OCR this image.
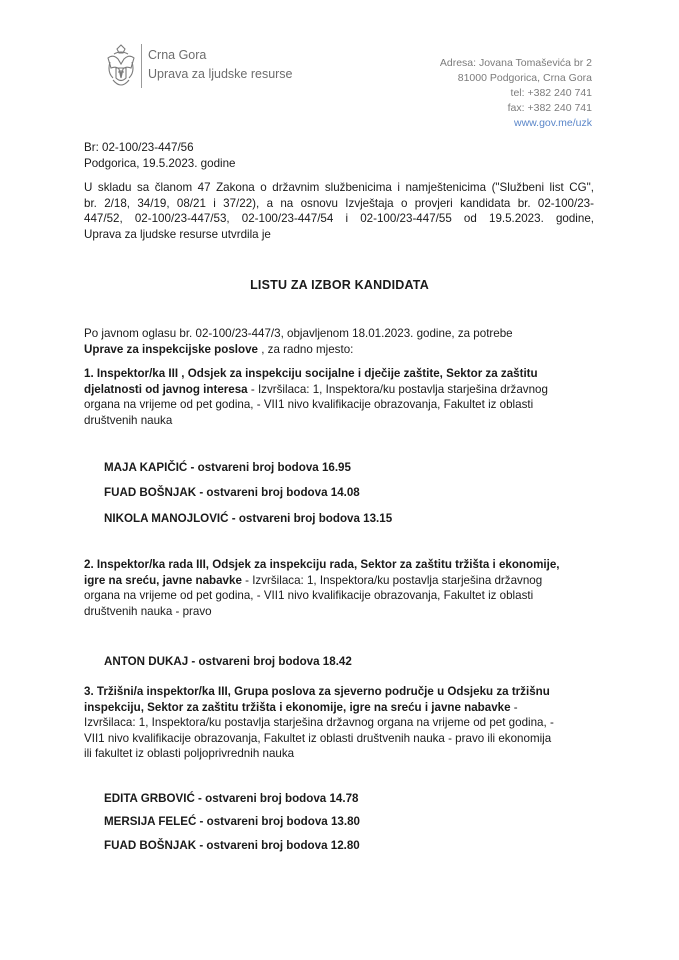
Crna Gora
Uprava za ljudske resurse
Adresa: Jovana Tomaševića br 2
81000 Podgorica, Crna Gora
tel: +382 240 741
fax: +382 240 741
www.gov.me/uzk
Br: 02-100/23-447/56
Podgorica, 19.5.2023. godine
U skladu sa članom 47 Zakona o državnim službenicima i namještenicima ("Službeni list CG",
br. 2/18, 34/19, 08/21 i 37/22), a na osnovu Izvještaja o provjeri kandidata br. 02-100/23-
447/52, 02-100/23-447/53, 02-100/23-447/54 i 02-100/23-447/55 od 19.5.2023. godine,
Uprava za ljudske resurse utvrdila je
LISTU ZA IZBOR KANDIDATA
Po javnom oglasu br. 02-100/23-447/3, objavljenom 18.01.2023. godine, za potrebe
Uprave za inspekcijske poslove , za radno mjesto:
1. Inspektor/ka III , Odsjek za inspekciju socijalne i dječije zaštite, Sektor za zaštitu
djelatnosti od javnog interesa - Izvršilaca: 1, Inspektora/ku postavlja starješina državnog
organa na vrijeme od pet godina, - VII1 nivo kvalifikacije obrazovanja, Fakultet iz oblasti
društvenih nauka
MAJA KAPIČIĆ - ostvareni broj bodova 16.95
FUAD BOŠNJAK - ostvareni broj bodova 14.08
NIKOLA MANOJLOVIĆ - ostvareni broj bodova 13.15
2. Inspektor/ka rada III, Odsjek za inspekciju rada, Sektor za zaštitu tržišta i ekonomije,
igre na sreću, javne nabavke - Izvršilaca: 1, Inspektora/ku postavlja starješina državnog
organa na vrijeme od pet godina, - VII1 nivo kvalifikacije obrazovanja, Fakultet iz oblasti
društvenih nauka - pravo
ANTON DUKAJ - ostvareni broj bodova 18.42
3. Tržišni/a inspektor/ka III, Grupa poslova za sjeverno područje u Odsjeku za tržišnu
inspekciju, Sektor za zaštitu tržišta i ekonomije, igre na sreću i javne nabavke -
Izvršilaca: 1, Inspektora/ku postavlja starješina državnog organa na vrijeme od pet godina, -
VII1 nivo kvalifikacije obrazovanja, Fakultet iz oblasti društvenih nauka - pravo ili ekonomija
ili fakultet iz oblasti poljoprivrednih nauka
EDITA GRBOVIĆ - ostvareni broj bodova 14.78
MERSIJA FELEĆ - ostvareni broj bodova 13.80
FUAD BOŠNJAK - ostvareni broj bodova 12.80
